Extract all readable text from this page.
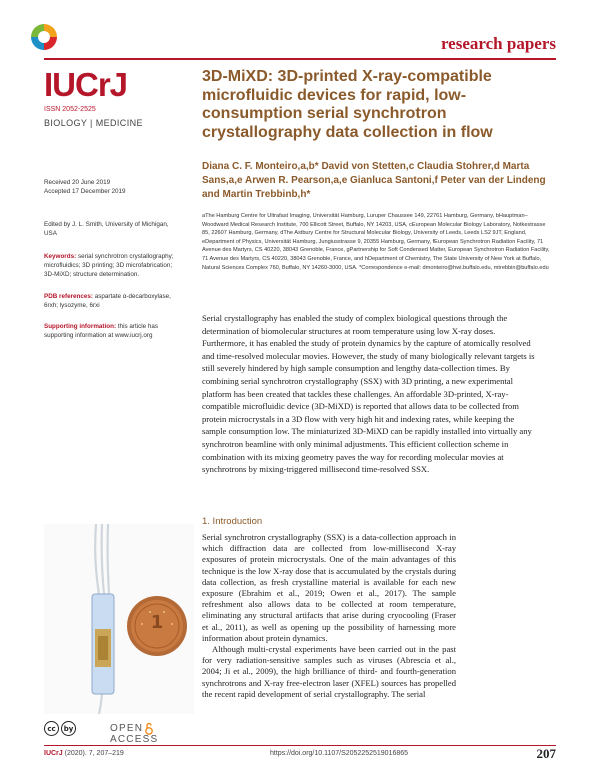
research papers
IUCrJ
ISSN 2052-2525
BIOLOGY | MEDICINE
3D-MiXD: 3D-printed X-ray-compatible microfluidic devices for rapid, low-consumption serial synchrotron crystallography data collection in flow
Received 20 June 2019
Accepted 17 December 2019
Edited by J. L. Smith, University of Michigan, USA
Keywords: serial synchrotron crystallography; microfluidics; 3D printing; 3D microfabrication; 3D-MiXD; structure determination.
PDB references: aspartate α-decarboxylase, 6rxh; lysozyme, 6rxi
Supporting information: this article has supporting information at www.iucrj.org
Diana C. F. Monteiro,a,b* David von Stetten,c Claudia Stohrer,d Marta Sans,a,e Arwen R. Pearson,a,e Gianluca Santoni,f Peter van der Lindeng and Martin Trebbinb,h*
aThe Hamburg Centre for Ultrafast Imaging, Universität Hamburg, Luruper Chaussee 149, 22761 Hamburg, Germany, bHauptman–Woodward Medical Research Institute, 700 Ellicott Street, Buffalo, NY 14203, USA, cEuropean Molecular Biology Laboratory, Notkestrasse 85, 22607 Hamburg, Germany, dThe Astbury Centre for Structural Molecular Biology, University of Leeds, Leeds LS2 9JT, England, eDepartment of Physics, Universität Hamburg, Jungiusstrasse 9, 20355 Hamburg, Germany, fEuropean Synchrotron Radiation Facility, 71 Avenue des Martyrs, CS 40220, 38043 Grenoble, France, gPartnership for Soft Condensed Matter, European Synchrotron Radiation Facility, 71 Avenue des Martyrs, CS 40220, 38043 Grenoble, France, and hDepartment of Chemistry, The State University of New York at Buffalo, Natural Sciences Complex 760, Buffalo, NY 14260-3000, USA. *Correspondence e-mail: dmonteiro@hwi.buffalo.edu, mtrebbin@buffalo.edu
Serial crystallography has enabled the study of complex biological questions through the determination of biomolecular structures at room temperature using low X-ray doses. Furthermore, it has enabled the study of protein dynamics by the capture of atomically resolved and time-resolved molecular movies. However, the study of many biologically relevant targets is still severely hindered by high sample consumption and lengthy data-collection times. By combining serial synchrotron crystallography (SSX) with 3D printing, a new experimental platform has been created that tackles these challenges. An affordable 3D-printed, X-ray-compatible microfluidic device (3D-MiXD) is reported that allows data to be collected from protein microcrystals in a 3D flow with very high hit and indexing rates, while keeping the sample consumption low. The miniaturized 3D-MiXD can be rapidly installed into virtually any synchrotron beamline with only minimal adjustments. This efficient collection scheme in combination with its mixing geometry paves the way for recording molecular movies at synchrotrons by mixing-triggered millisecond time-resolved SSX.
1. Introduction

Serial synchrotron crystallography (SSX) is a data-collection approach in which diffraction data are collected from low-millisecond X-ray exposures of protein microcrystals. One of the main advantages of this technique is the low X-ray dose that is accumulated by the crystals during data collection, as fresh crystalline material is available for each new exposure (Ebrahim et al., 2019; Owen et al., 2017). The sample refreshment also allows data to be collected at room temperature, eliminating any structural artifacts that arise during cryocooling (Fraser et al., 2011), as well as opening up the possibility of harnessing more information about protein dynamics.

Although multi-crystal experiments have been carried out in the past for very radiation-sensitive samples such as viruses (Abrescia et al., 2004; Ji et al., 2009), the high brilliance of third- and fourth-generation synchrotrons and X-ray free-electron laser (XFEL) sources has propelled the recent rapid development of serial crystallography. The serial

1
cc	by	OPEN ACCESS
IUCrJ (2020). 7, 207–219	https://doi.org/10.1107/S2052252519016865	207
